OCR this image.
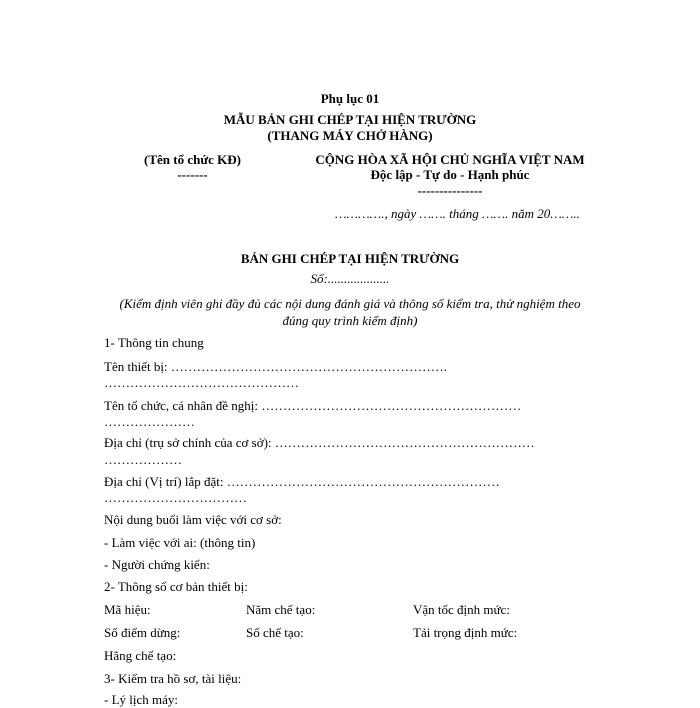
Phụ lục 01
MẪU BẢN GHI CHÉP TẠI HIỆN TRƯỜNG
(THANG MÁY CHỞ HÀNG)
(Tên tổ chức KĐ)
-------
CỘNG HÒA XÃ HỘI CHỦ NGHĨA VIỆT NAM
Độc lập - Tự do - Hạnh phúc
---------------
…………., ngày ……. tháng ……. năm 20……..
BẢN GHI CHÉP TẠI HIỆN TRƯỜNG
Số:...................
(Kiểm định viên ghi đầy đủ các nội dung đánh giá và thông số kiểm tra, thử nghiệm theo
đúng quy trình kiểm định)
1- Thông tin chung
Tên thiết bị: ……………………………………………………….
………………………………………
Tên tổ chức, cá nhân đề nghị: ……………………………………………………
…………………
Địa chỉ (trụ sở chính của cơ sở): ……………………………………………………
………………
Địa chỉ (Vị trí) lắp đặt: ………………………………………………………
……………………………
Nội dung buổi làm việc với cơ sở:
- Làm việc với ai: (thông tin)
- Người chứng kiến:
2- Thông số cơ bản thiết bị:
Mã hiệu:	Năm chế tạo:	Vận tốc định mức:
Số điểm dừng:	Số chế tạo:	Tải trọng định mức:
Hãng chế tạo:
3- Kiểm tra hồ sơ, tài liệu:
- Lý lịch máy:
